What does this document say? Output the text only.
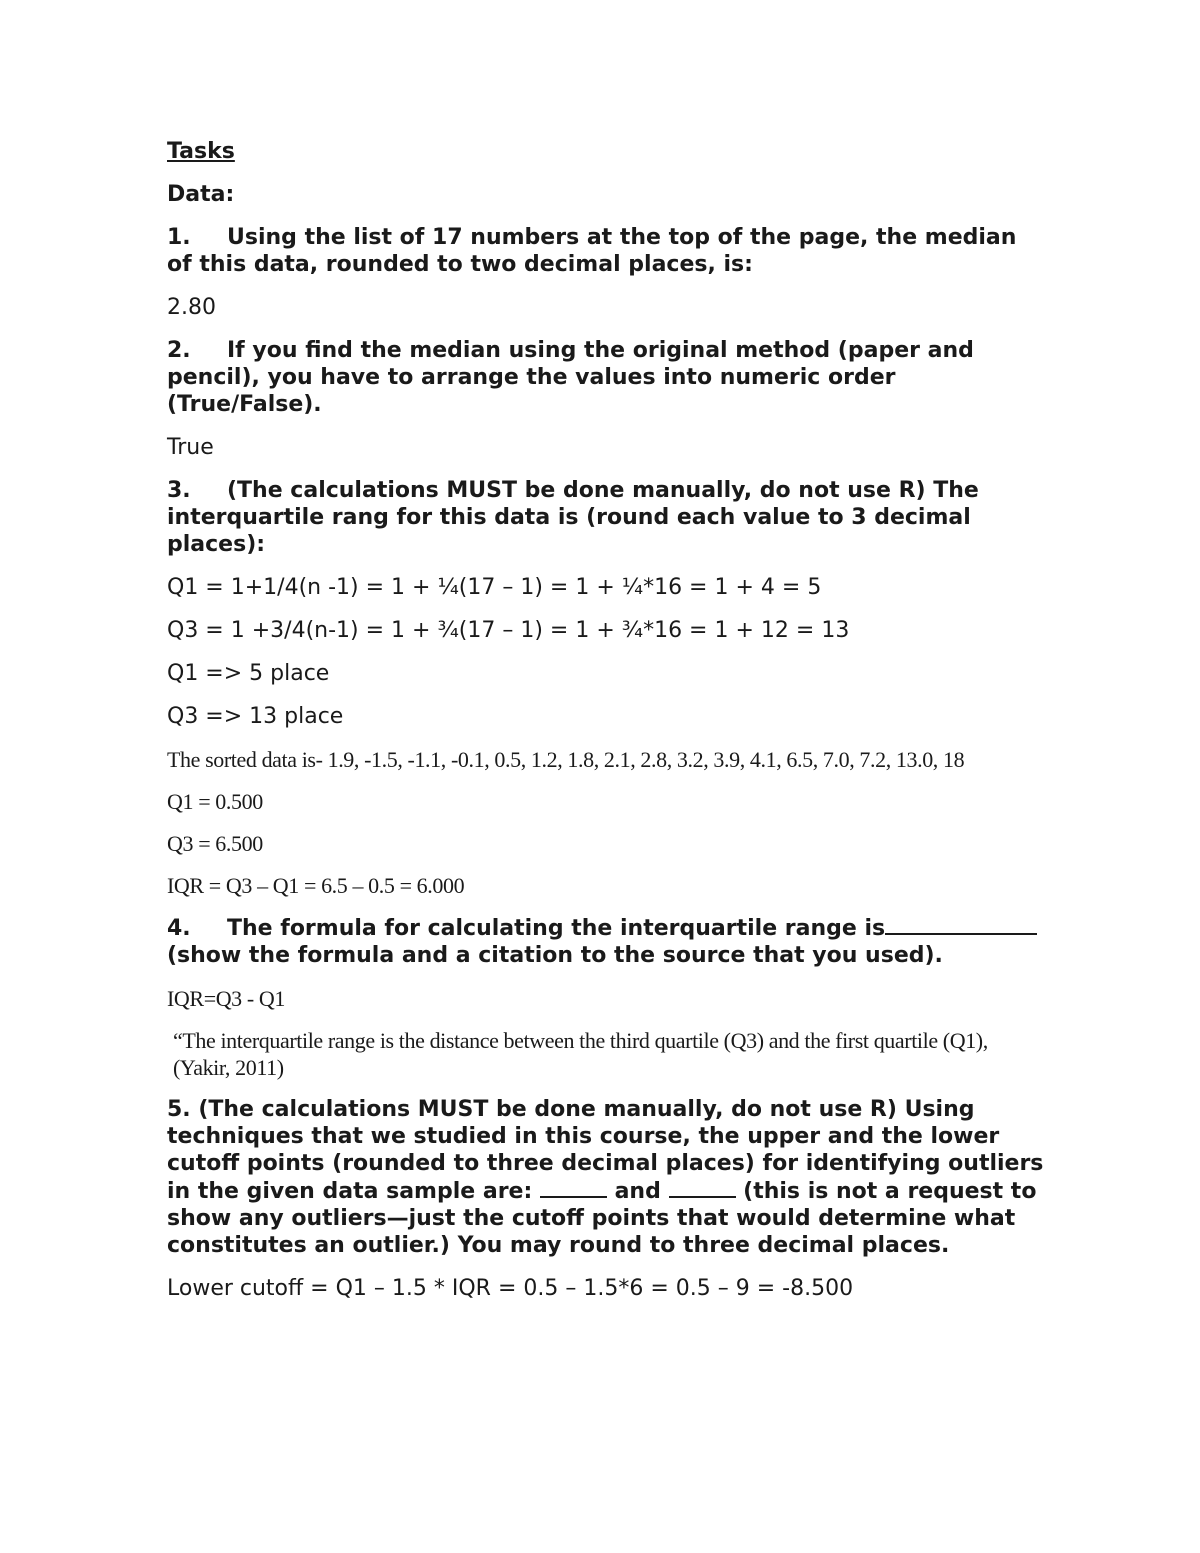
Tasks

Data:

1. Using the list of 17 numbers at the top of the page, the median of this data, rounded to two decimal places, is:

2.80

2. If you find the median using the original method (paper and pencil), you have to arrange the values into numeric order (True/False).

True

3. (The calculations MUST be done manually, do not use R) The interquartile rang for this data is (round each value to 3 decimal places):

Q1 = 1+1/4(n -1) = 1 + ¼(17 – 1) = 1 + ¼*16 = 1 + 4 = 5

Q3 = 1 +3/4(n-1) = 1 + ¾(17 – 1) = 1 + ¾*16 = 1 + 12 = 13

Q1 => 5 place

Q3 => 13 place

The sorted data is- 1.9, -1.5, -1.1, -0.1, 0.5, 1.2, 1.8, 2.1, 2.8, 3.2, 3.9, 4.1, 6.5, 7.0, 7.2, 13.0, 18

Q1 = 0.500

Q3 = 6.500

IQR = Q3 – Q1 = 6.5 – 0.5 = 6.000

4. The formula for calculating the interquartile range is (show the formula and a citation to the source that you used).

IQR=Q3 - Q1

“The interquartile range is the distance between the third quartile (Q3) and the first quartile (Q1), (Yakir, 2011)

5. (The calculations MUST be done manually, do not use R) Using techniques that we studied in this course, the upper and the lower cutoff points (rounded to three decimal places) for identifying outliers in the given data sample are:	and	(this is not a request to show any outliers—just the cutoff points that would determine what constitutes an outlier.) You may round to three decimal places.

Lower cutoff = Q1 – 1.5 * IQR = 0.5 – 1.5*6 = 0.5 – 9 = -8.500
